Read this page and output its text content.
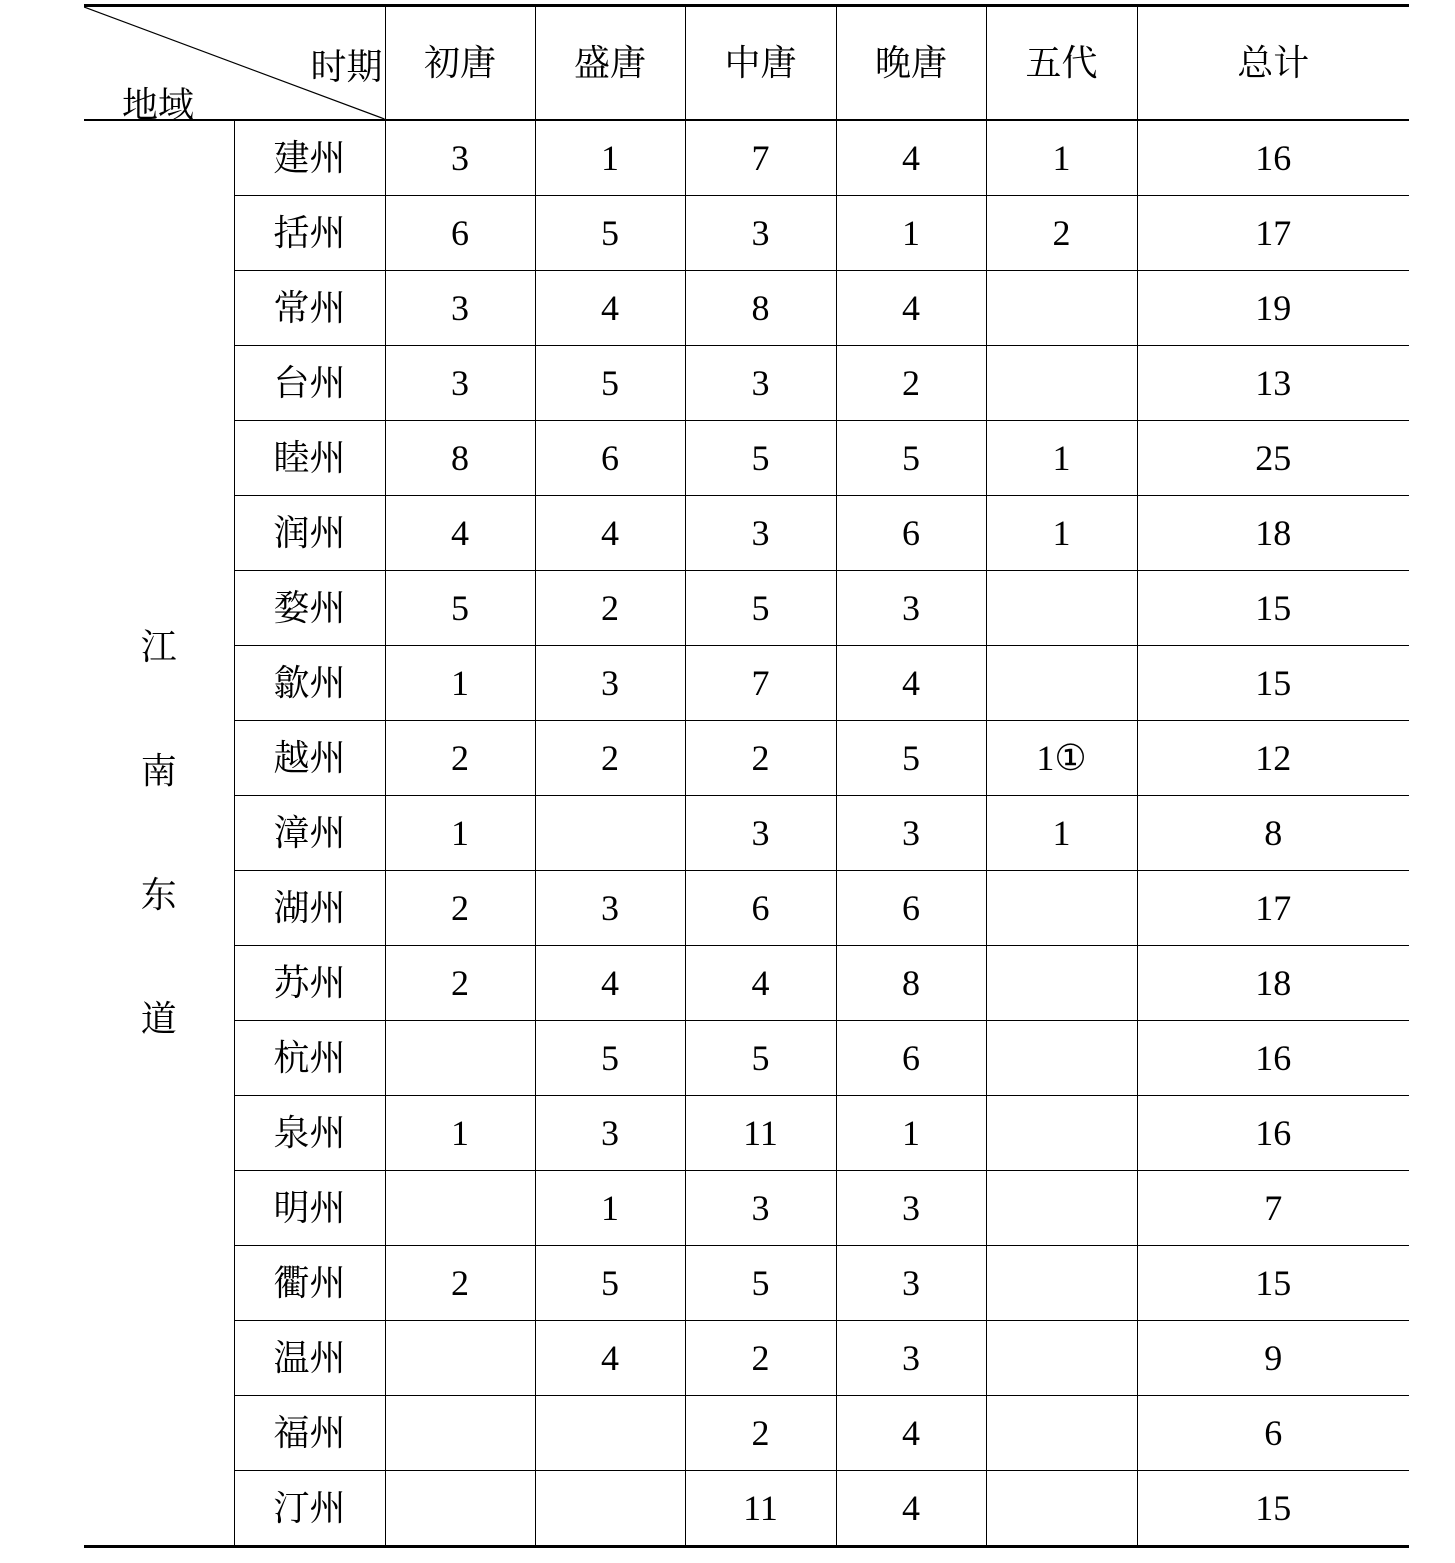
时期
地域		初唐	盛唐	中唐	晚唐	五代	总计

江
南
东
道	建州	3	1	7	4	1	16
	括州	6	5	3	1	2	17
	常州	3	4	8	4		19
	台州	3	5	3	2		13
	睦州	8	6	5	5	1	25
	润州	4	4	3	6	1	18
	婺州	5	2	5	3		15
	歙州	1	3	7	4		15
	越州	2	2	2	5	1①	12
	漳州	1		3	3	1	8
	湖州	2	3	6	6		17
	苏州	2	4	4	8		18
	杭州		5	5	6		16
	泉州	1	3	11	1		16
	明州		1	3	3		7
	衢州	2	5	5	3		15
	温州		4	2	3		9
	福州			2	4		6
	汀州			11	4		15
